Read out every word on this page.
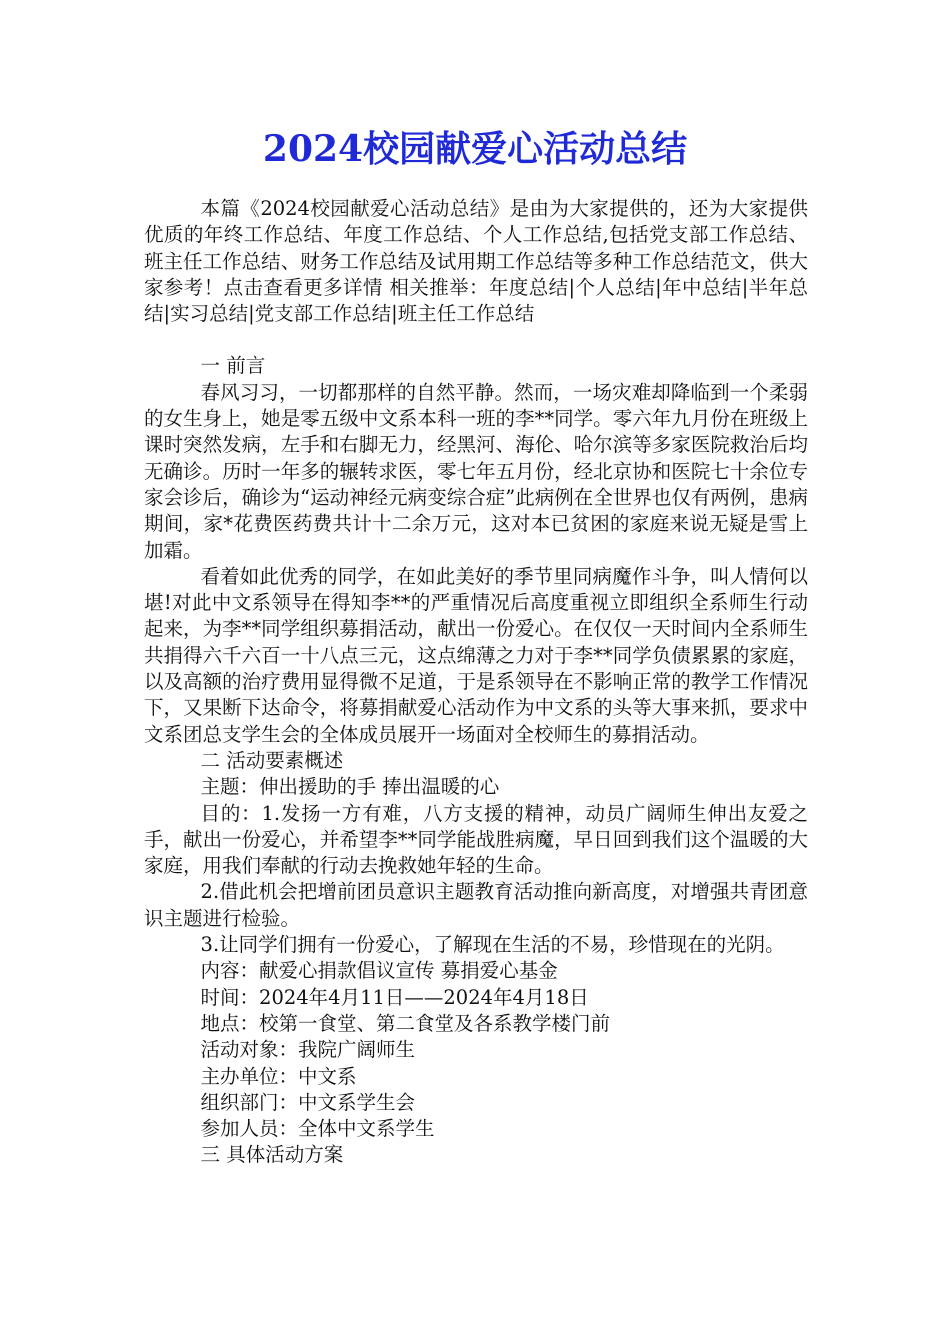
2024校园献爱心活动总结

本篇《2024校园献爱心活动总结》是由为大家提供的，还为大家提供优质的年终工作总结、年度工作总结、个人工作总结,包括党支部工作总结、班主任工作总结、财务工作总结及试用期工作总结等多种工作总结范文，供大家参考！点击查看更多详情 相关推举：年度总结|个人总结|年中总结|半年总结|实习总结|党支部工作总结|班主任工作总结

一 前言

春风习习，一切都那样的自然平静。然而，一场灾难却降临到一个柔弱的女生身上，她是零五级中文系本科一班的李**同学。零六年九月份在班级上课时突然发病，左手和右脚无力，经黑河、海伦、哈尔滨等多家医院救治后均无确诊。历时一年多的辗转求医，零七年五月份，经北京协和医院七十余位专家会诊后，确诊为“运动神经元病变综合症”此病例在全世界也仅有两例，患病期间，家*花费医药费共计十二余万元，这对本已贫困的家庭来说无疑是雪上加霜。

看着如此优秀的同学，在如此美好的季节里同病魔作斗争，叫人情何以堪!对此中文系领导在得知李**的严重情况后高度重视立即组织全系师生行动起来，为李**同学组织募捐活动，献出一份爱心。在仅仅一天时间内全系师生共捐得六千六百一十八点三元，这点绵薄之力对于李**同学负债累累的家庭，以及高额的治疗费用显得微不足道，于是系领导在不影响正常的教学工作情况下，又果断下达命令，将募捐献爱心活动作为中文系的头等大事来抓，要求中文系团总支学生会的全体成员展开一场面对全校师生的募捐活动。

二 活动要素概述

主题：伸出援助的手 捧出温暖的心

目的：1.发扬一方有难，八方支援的精神，动员广阔师生伸出友爱之手，献出一份爱心，并希望李**同学能战胜病魔，早日回到我们这个温暖的大家庭，用我们奉献的行动去挽救她年轻的生命。

2.借此机会把增前团员意识主题教育活动推向新高度，对增强共青团意识主题进行检验。

3.让同学们拥有一份爱心，了解现在生活的不易，珍惜现在的光阴。

内容：献爱心捐款倡议宣传 募捐爱心基金

时间：2024年4月11日——2024年4月18日

地点：校第一食堂、第二食堂及各系教学楼门前

活动对象：我院广阔师生

主办单位：中文系

组织部门：中文系学生会

参加人员：全体中文系学生

三 具体活动方案
